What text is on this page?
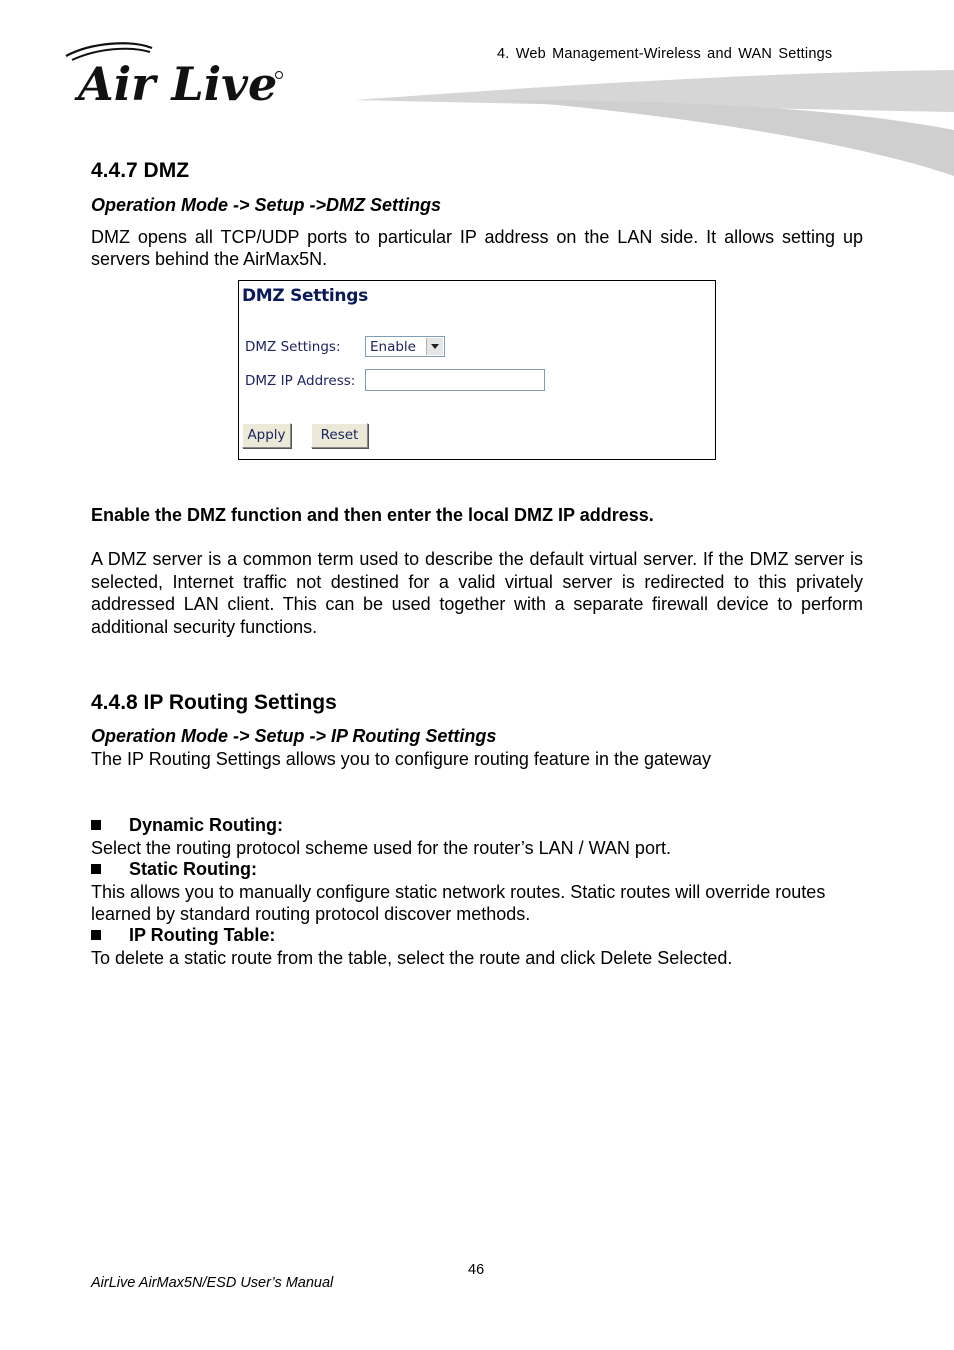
Air Live
4. Web Management-Wireless and WAN Settings
4.4.7 DMZ
Operation Mode -> Setup ->DMZ Settings
DMZ opens all TCP/UDP ports to particular IP address on the LAN side. It allows setting up servers behind the AirMax5N.
DMZ Settings
DMZ Settings: Enable
DMZ IP Address:
Apply	Reset
Enable the DMZ function and then enter the local DMZ IP address.
A DMZ server is a common term used to describe the default virtual server. If the DMZ server is selected, Internet traffic not destined for a valid virtual server is redirected to this privately addressed LAN client. This can be used together with a separate firewall device to perform additional security functions.
4.4.8 IP Routing Settings
Operation Mode -> Setup -> IP Routing Settings
The IP Routing Settings allows you to configure routing feature in the gateway
Dynamic Routing:
Select the routing protocol scheme used for the router’s LAN / WAN port.
Static Routing:
This allows you to manually configure static network routes. Static routes will override routes learned by standard routing protocol discover methods.
IP Routing Table:
To delete a static route from the table, select the route and click Delete Selected.
46
AirLive AirMax5N/ESD User’s Manual
